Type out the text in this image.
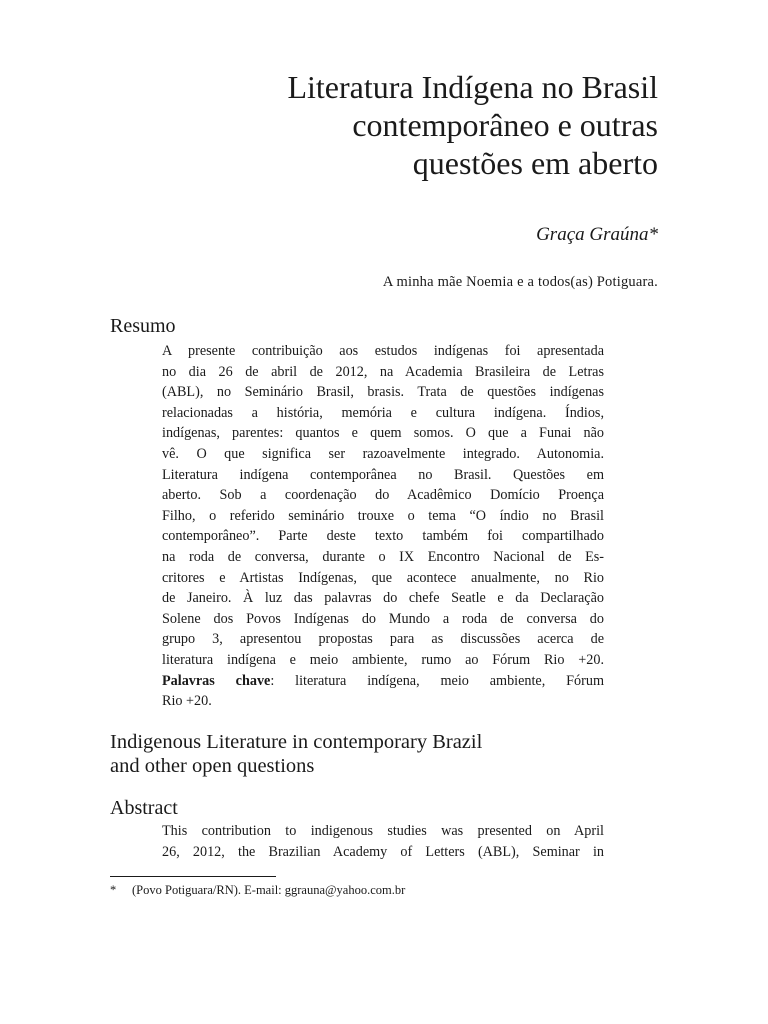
Literatura Indígena no Brasil
contemporâneo e outras
questões em aberto
Graça Graúna*
A minha mãe Noemia e a todos(as) Potiguara.
Resumo
A presente contribuição aos estudos indígenas foi apresentada
no dia 26 de abril de 2012, na Academia Brasileira de Letras
(ABL), no Seminário Brasil, brasis. Trata de questões indígenas
relacionadas a história, memória e cultura indígena. Índios,
indígenas, parentes: quantos e quem somos. O que a Funai não
vê. O que significa ser razoavelmente integrado. Autonomia.
Literatura indígena contemporânea no Brasil. Questões em
aberto. Sob a coordenação do Acadêmico Domício Proença
Filho, o referido seminário trouxe o tema “O índio no Brasil
contemporâneo”. Parte deste texto também foi compartilhado
na roda de conversa, durante o IX Encontro Nacional de Es-
critores e Artistas Indígenas, que acontece anualmente, no Rio
de Janeiro. À luz das palavras do chefe Seatle e da Declaração
Solene dos Povos Indígenas do Mundo a roda de conversa do
grupo 3, apresentou propostas para as discussões acerca de
literatura indígena e meio ambiente, rumo ao Fórum Rio +20.
Palavras chave: literatura indígena, meio ambiente, Fórum
Rio +20.
Indigenous Literature in contemporary Brazil
and other open questions
Abstract
This contribution to indigenous studies was presented on April
26, 2012, the Brazilian Academy of Letters (ABL), Seminar in
* (Povo Potiguara/RN). E-mail: ggrauna@yahoo.com.br
